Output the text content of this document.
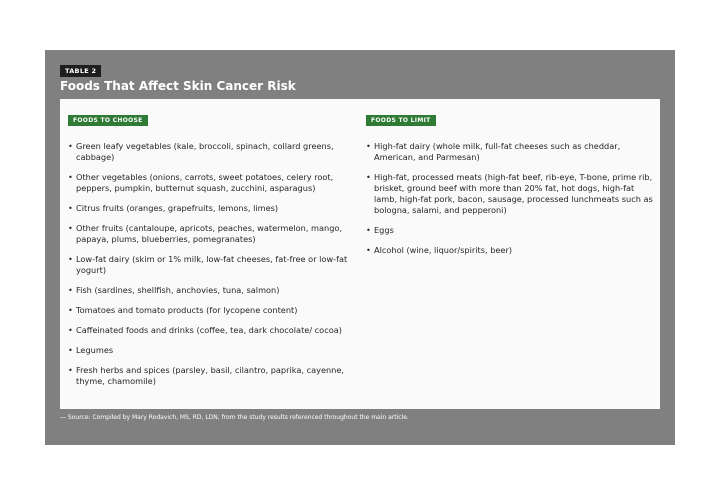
TABLE 2
Foods That Affect Skin Cancer Risk
FOODS TO CHOOSE
• Green leafy vegetables (kale, broccoli, spinach, collard greens, cabbage)
• Other vegetables (onions, carrots, sweet potatoes, celery root, peppers, pumpkin, butternut squash, zucchini, asparagus)
• Citrus fruits (oranges, grapefruits, lemons, limes)
• Other fruits (cantaloupe, apricots, peaches, watermelon, mango, papaya, plums, blueberries, pomegranates)
• Low-fat dairy (skim or 1% milk, low-fat cheeses, fat-free or low-fat yogurt)
• Fish (sardines, shellfish, anchovies, tuna, salmon)
• Tomatoes and tomato products (for lycopene content)
• Caffeinated foods and drinks (coffee, tea, dark chocolate/ cocoa)
• Legumes
• Fresh herbs and spices (parsley, basil, cilantro, paprika, cayenne, thyme, chamomile)
FOODS TO LIMIT
• High-fat dairy (whole milk, full-fat cheeses such as cheddar, American, and Parmesan)
• High-fat, processed meats (high-fat beef, rib-eye, T-bone, prime rib, brisket, ground beef with more than 20% fat, hot dogs, high-fat lamb, high-fat pork, bacon, sausage, processed lunchmeats such as bologna, salami, and pepperoni)
• Eggs
• Alcohol (wine, liquor/spirits, beer)
— Source: Compiled by Mary Rodavich, MS, RD, LDN, from the study results referenced throughout the main article.
